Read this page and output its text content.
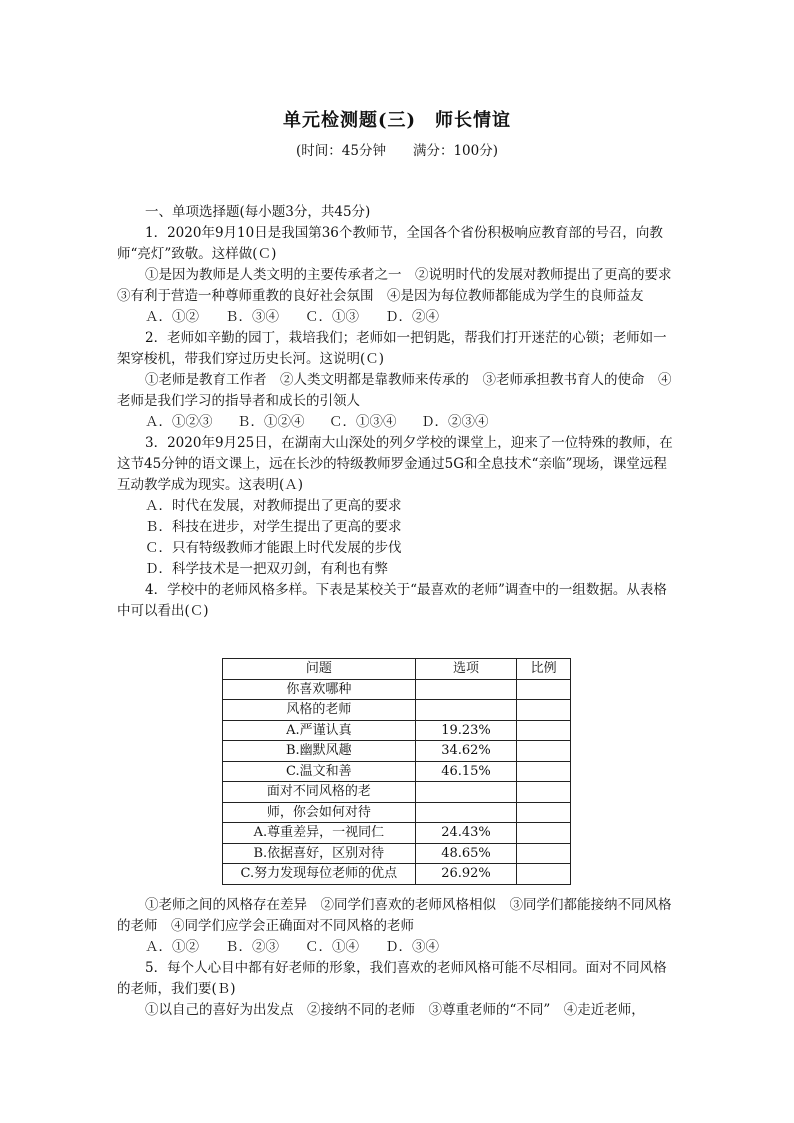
单元检测题(三)　师长情谊
(时间：45分钟　　满分：100分)

一、单项选择题(每小题3分，共45分)

1．2020年9月10日是我国第36个教师节，全国各个省份积极响应教育部的号召，向教师“亮灯”致敬。这样做(Ｃ)

①是因为教师是人类文明的主要传承者之一　②说明时代的发展对教师提出了更高的要求　③有利于营造一种尊师重教的良好社会氛围　④是因为每位教师都能成为学生的良师益友

Ａ．①②	Ｂ．③④	Ｃ．①③	Ｄ．②④

2．老师如辛勤的园丁，栽培我们；老师如一把钥匙，帮我们打开迷茫的心锁；老师如一架穿梭机，带我们穿过历史长河。这说明(Ｃ)

①老师是教育工作者　②人类文明都是靠教师来传承的　③老师承担教书育人的使命　④老师是我们学习的指导者和成长的引领人

Ａ．①②③	Ｂ．①②④	Ｃ．①③④	Ｄ．②③④

3．2020年9月25日，在湖南大山深处的列夕学校的课堂上，迎来了一位特殊的教师，在这节45分钟的语文课上，远在长沙的特级教师罗金通过5G和全息技术“亲临”现场，课堂远程互动教学成为现实。这表明(Ａ)

Ａ．时代在发展，对教师提出了更高的要求

Ｂ．科技在进步，对学生提出了更高的要求

Ｃ．只有特级教师才能跟上时代发展的步伐

Ｄ．科学技术是一把双刃剑，有利也有弊

4．学校中的老师风格多样。下表是某校关于“最喜欢的老师”调查中的一组数据。从表格中可以看出(Ｃ)

问题	选项	比例
你喜欢哪种		
风格的老师		
A.严谨认真	19.23%	
B.幽默风趣	34.62%	
C.温文和善	46.15%	
面对不同风格的老		
师，你会如何对待		
A.尊重差异，一视同仁	24.43%	
B.依据喜好，区别对待	48.65%	
C.努力发现每位老师的优点	26.92%	

①老师之间的风格存在差异　②同学们喜欢的老师风格相似　③同学们都能接纳不同风格的老师　④同学们应学会正确面对不同风格的老师

Ａ．①②	Ｂ．②③	Ｃ．①④	Ｄ．③④

5．每个人心目中都有好老师的形象，我们喜欢的老师风格可能不尽相同。面对不同风格的老师，我们要(Ｂ)

①以自己的喜好为出发点　②接纳不同的老师　③尊重老师的“不同”　④走近老师，
